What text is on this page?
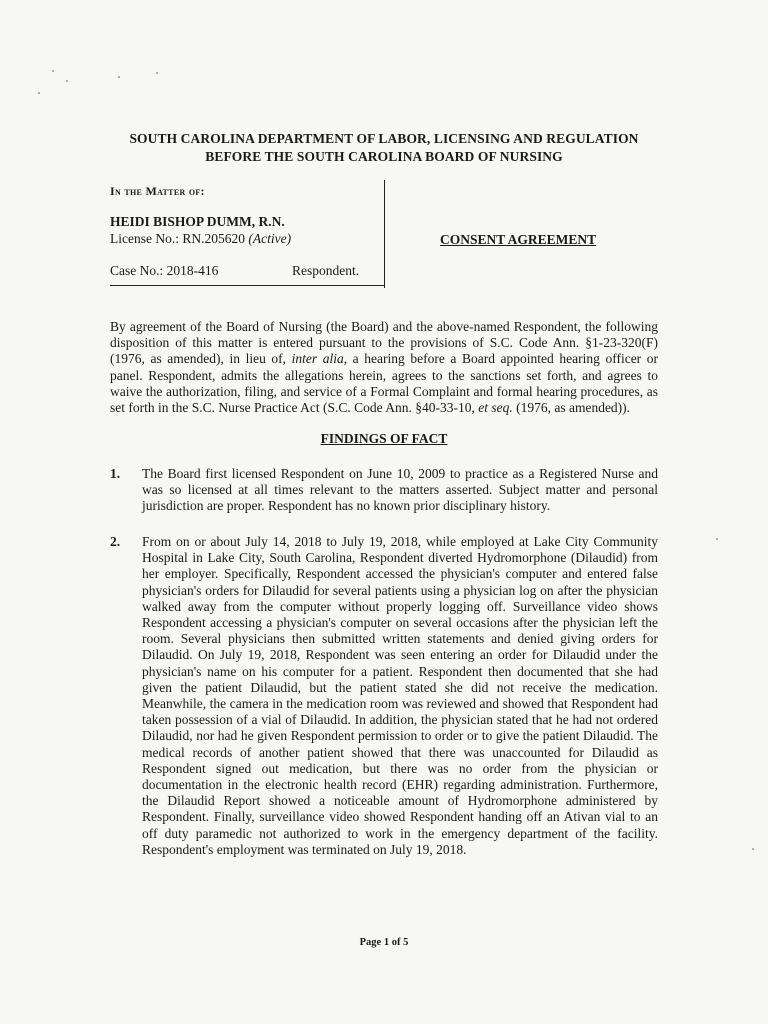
SOUTH CAROLINA DEPARTMENT OF LABOR, LICENSING AND REGULATION
BEFORE THE SOUTH CAROLINA BOARD OF NURSING
In the Matter of:
HEIDI BISHOP DUMM, R.N.
License No.: RN.205620 (Active)
Case No.: 2018-416	Respondent.
CONSENT AGREEMENT
By agreement of the Board of Nursing (the Board) and the above-named Respondent, the following disposition of this matter is entered pursuant to the provisions of S.C. Code Ann. §1-23-320(F) (1976, as amended), in lieu of, inter alia, a hearing before a Board appointed hearing officer or panel. Respondent, admits the allegations herein, agrees to the sanctions set forth, and agrees to waive the authorization, filing, and service of a Formal Complaint and formal hearing procedures, as set forth in the S.C. Nurse Practice Act (S.C. Code Ann. §40-33-10, et seq. (1976, as amended)).
FINDINGS OF FACT
1. The Board first licensed Respondent on June 10, 2009 to practice as a Registered Nurse and was so licensed at all times relevant to the matters asserted. Subject matter and personal jurisdiction are proper. Respondent has no known prior disciplinary history.
2. From on or about July 14, 2018 to July 19, 2018, while employed at Lake City Community Hospital in Lake City, South Carolina, Respondent diverted Hydromorphone (Dilaudid) from her employer. Specifically, Respondent accessed the physician's computer and entered false physician's orders for Dilaudid for several patients using a physician log on after the physician walked away from the computer without properly logging off. Surveillance video shows Respondent accessing a physician's computer on several occasions after the physician left the room. Several physicians then submitted written statements and denied giving orders for Dilaudid. On July 19, 2018, Respondent was seen entering an order for Dilaudid under the physician's name on his computer for a patient. Respondent then documented that she had given the patient Dilaudid, but the patient stated she did not receive the medication. Meanwhile, the camera in the medication room was reviewed and showed that Respondent had taken possession of a vial of Dilaudid. In addition, the physician stated that he had not ordered Dilaudid, nor had he given Respondent permission to order or to give the patient Dilaudid. The medical records of another patient showed that there was unaccounted for Dilaudid as Respondent signed out medication, but there was no order from the physician or documentation in the electronic health record (EHR) regarding administration. Furthermore, the Dilaudid Report showed a noticeable amount of Hydromorphone administered by Respondent. Finally, surveillance video showed Respondent handing off an Ativan vial to an off duty paramedic not authorized to work in the emergency department of the facility. Respondent's employment was terminated on July 19, 2018.
Page 1 of 5
